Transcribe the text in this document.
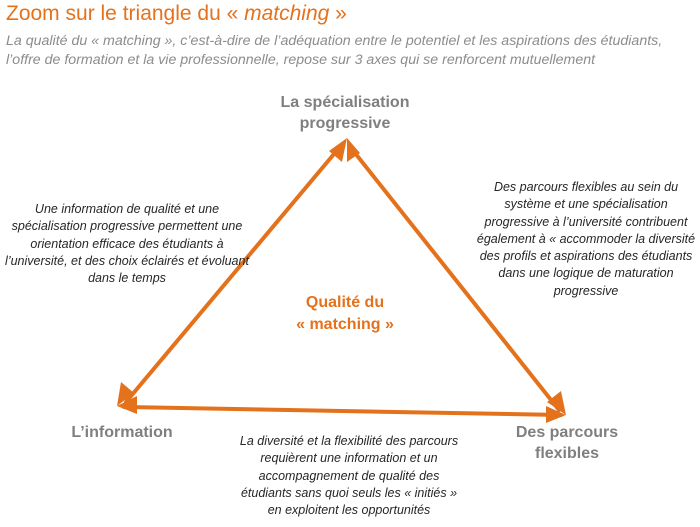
Zoom sur le triangle du « matching »
La qualité du « matching », c’est-à-dire de l’adéquation entre le potentiel et les aspirations des étudiants, l’offre de formation et la vie professionnelle, repose sur 3 axes qui se renforcent mutuellement
La spécialisation
progressive
L’information	Des parcours
flexibles
Qualité du
« matching »
Une information de qualité et une spécialisation progressive permettent une orientation efficace des étudiants à l’université, et des choix éclairés et évoluant dans le temps
Des parcours flexibles au sein du système et une spécialisation progressive à l’université contribuent également à « accommoder la diversité des profils et aspirations des étudiants dans une logique de maturation progressive
La diversité et la flexibilité des parcours requièrent une information et un accompagnement de qualité des étudiants sans quoi seuls les « initiés » en exploitent les opportunités
